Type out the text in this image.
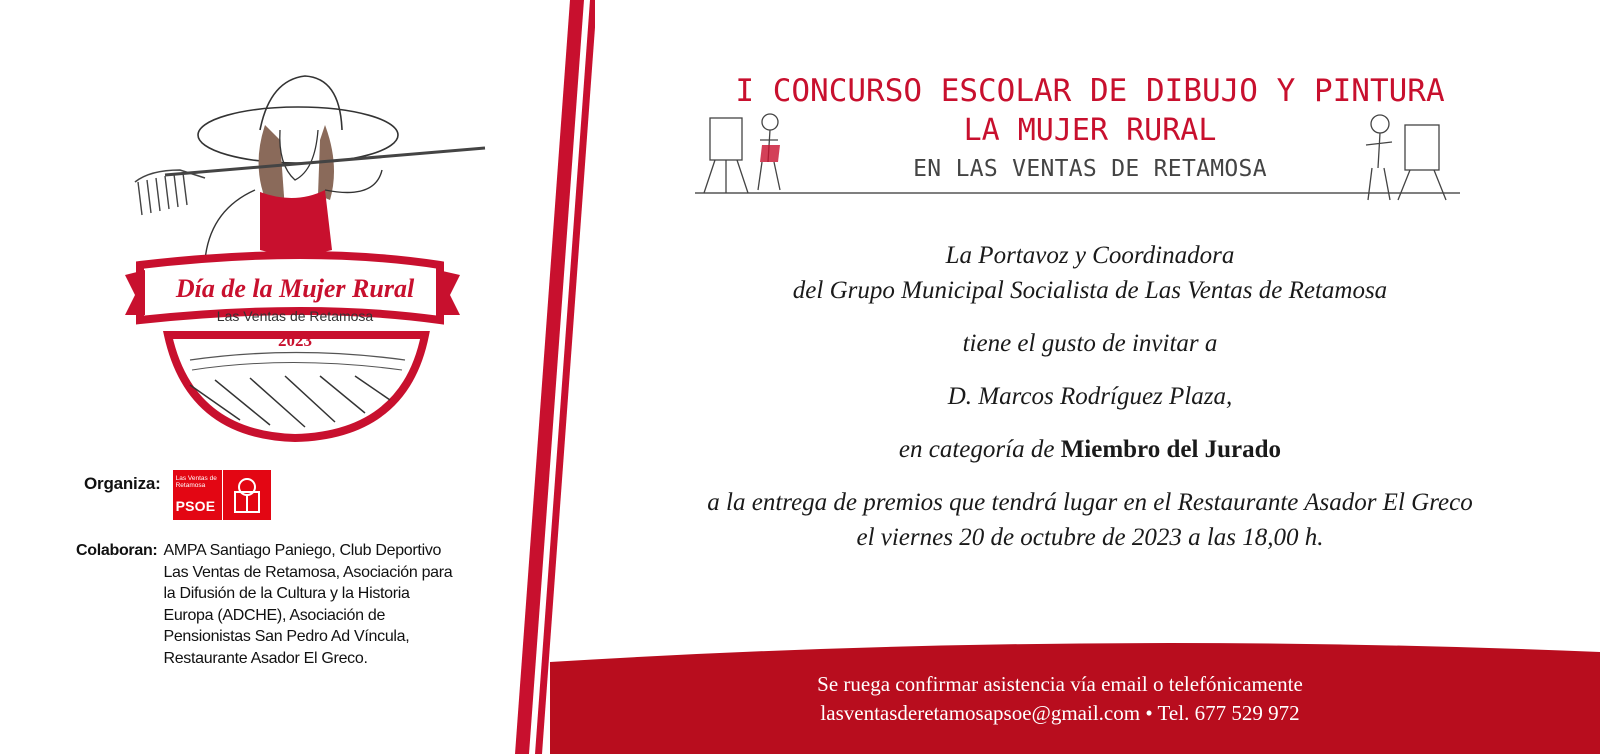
Día de la Mujer Rural
Las Ventas de Retamosa
2023
Organiza: Las Ventas de Retamosa
PSOE
Colaboran: AMPA Santiago Paniego, Club Deportivo Las Ventas de Retamosa, Asociación para la Difusión de la Cultura y la Historia Europa (ADCHE), Asociación de Pensionistas San Pedro Ad Víncula, Restaurante Asador El Greco.
I CONCURSO ESCOLAR DE DIBUJO Y PINTURA
LA MUJER RURAL
EN LAS VENTAS DE RETAMOSA
La Portavoz y Coordinadora
del Grupo Municipal Socialista de Las Ventas de Retamosa
tiene el gusto de invitar a
D. Marcos Rodríguez Plaza,
en categoría de Miembro del Jurado
a la entrega de premios que tendrá lugar en el Restaurante Asador El Greco
el viernes 20 de octubre de 2023 a las 18,00 h.
Se ruega confirmar asistencia vía email o telefónicamente
lasventasderetamosapsoe@gmail.com • Tel. 677 529 972
